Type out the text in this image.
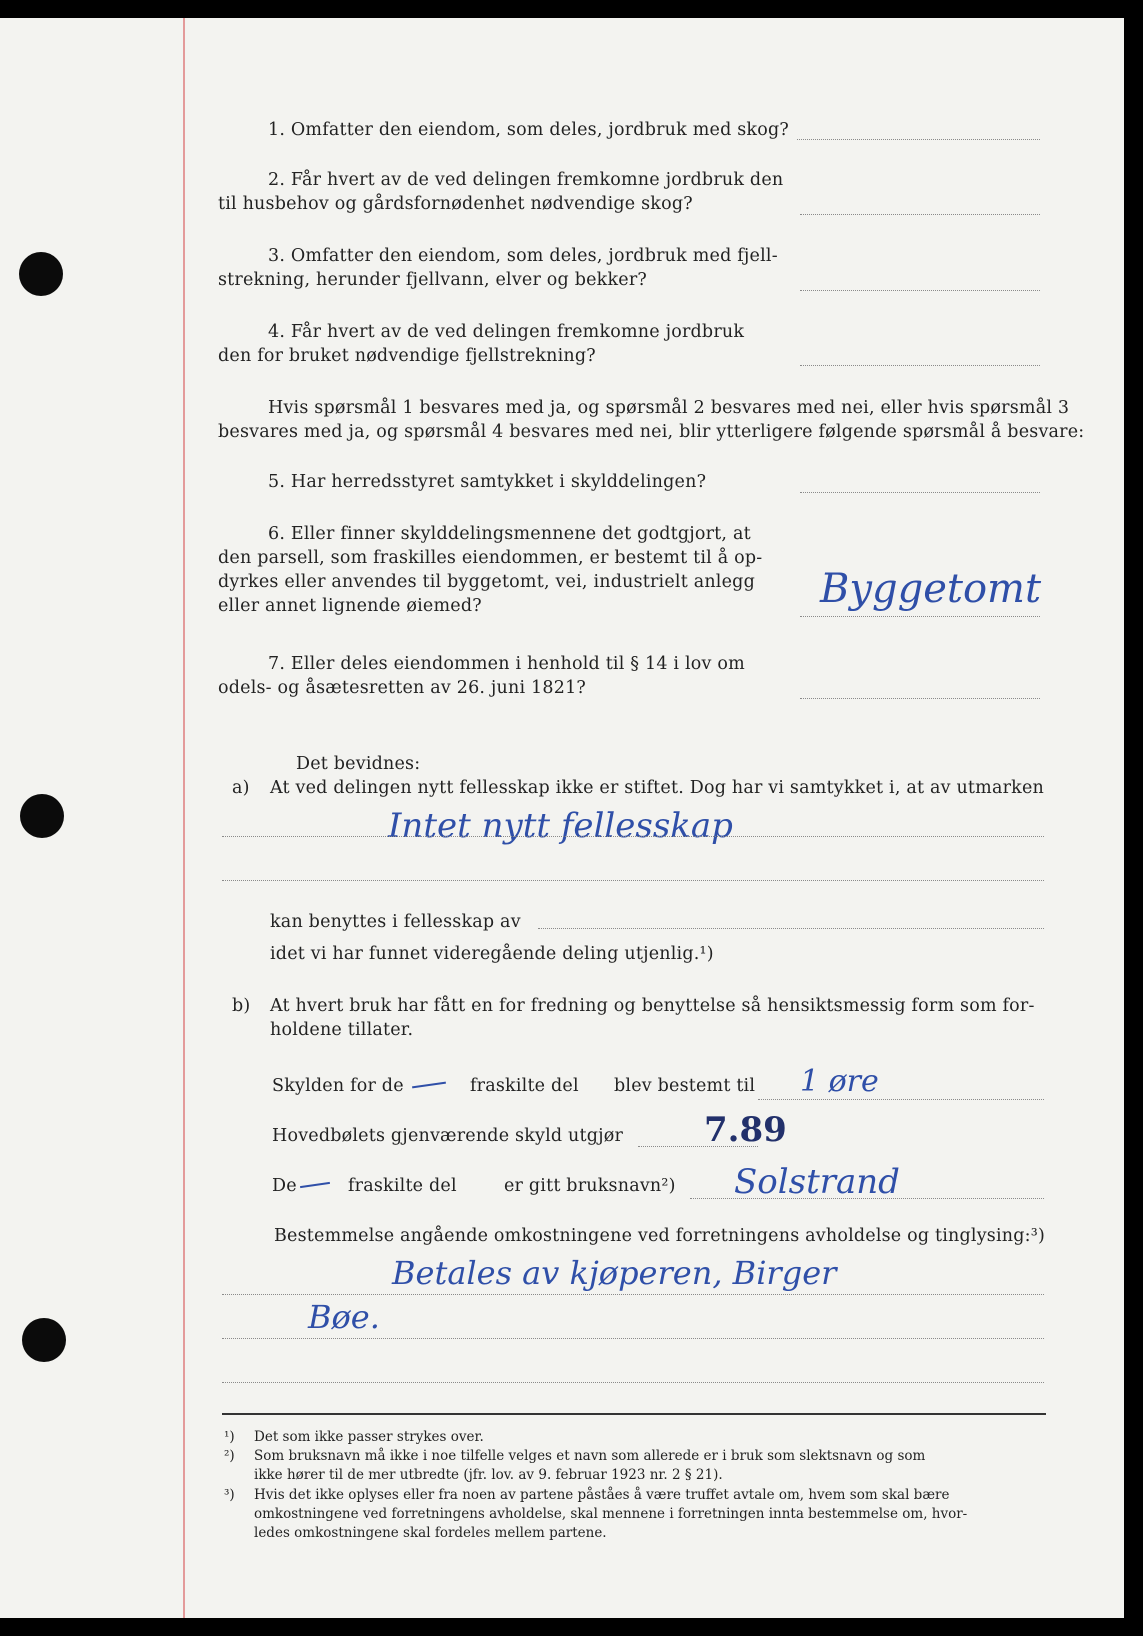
1. Omfatter den eiendom, som deles, jordbruk med skog?
2. Får hvert av de ved delingen fremkomne jordbruk den
til husbehov og gårdsfornødenhet nødvendige skog?
3. Omfatter den eiendom, som deles, jordbruk med fjell-
strekning, herunder fjellvann, elver og bekker?
4. Får hvert av de ved delingen fremkomne jordbruk
den for bruket nødvendige fjellstrekning?
Hvis spørsmål 1 besvares med ja, og spørsmål 2 besvares med nei, eller hvis spørsmål 3
besvares med ja, og spørsmål 4 besvares med nei, blir ytterligere følgende spørsmål å besvare:
5. Har herredsstyret samtykket i skylddelingen?
6. Eller finner skylddelingsmennene det godtgjort, at
den parsell, som fraskilles eiendommen, er bestemt til å op-
dyrkes eller anvendes til byggetomt, vei, industrielt anlegg
eller annet lignende øiemed?	Byggetomt
7. Eller deles eiendommen i henhold til § 14 i lov om
odels- og åsætesretten av 26. juni 1821?
Det bevidnes:
a) At ved delingen nytt fellesskap ikke er stiftet. Dog har vi samtykket i, at av utmarken
Intet nytt fellesskap
kan benyttes i fellesskap av
idet vi har funnet videregående deling utjenlig.¹)
b) At hvert bruk har fått en for fredning og benyttelse så hensiktsmessig form som for-
holdene tillater.
Skylden for de	fraskilte del blev bestemt til 1 øre
Hovedbølets gjenværende skyld utgjør 7.89
De	fraskilte del	er gitt bruksnavn²) Solstrand
Bestemmelse angående omkostningene ved forretningens avholdelse og tinglysing:³)
Betales av kjøperen, Birger
Bøe.
¹) Det som ikke passer strykes over.
²) Som bruksnavn må ikke i noe tilfelle velges et navn som allerede er i bruk som slektsnavn og som
ikke hører til de mer utbredte (jfr. lov. av 9. februar 1923 nr. 2 § 21).
³) Hvis det ikke oplyses eller fra noen av partene påståes å være truffet avtale om, hvem som skal bære
omkostningene ved forretningens avholdelse, skal mennene i forretningen innta bestemmelse om, hvor-
ledes omkostningene skal fordeles mellem partene.
